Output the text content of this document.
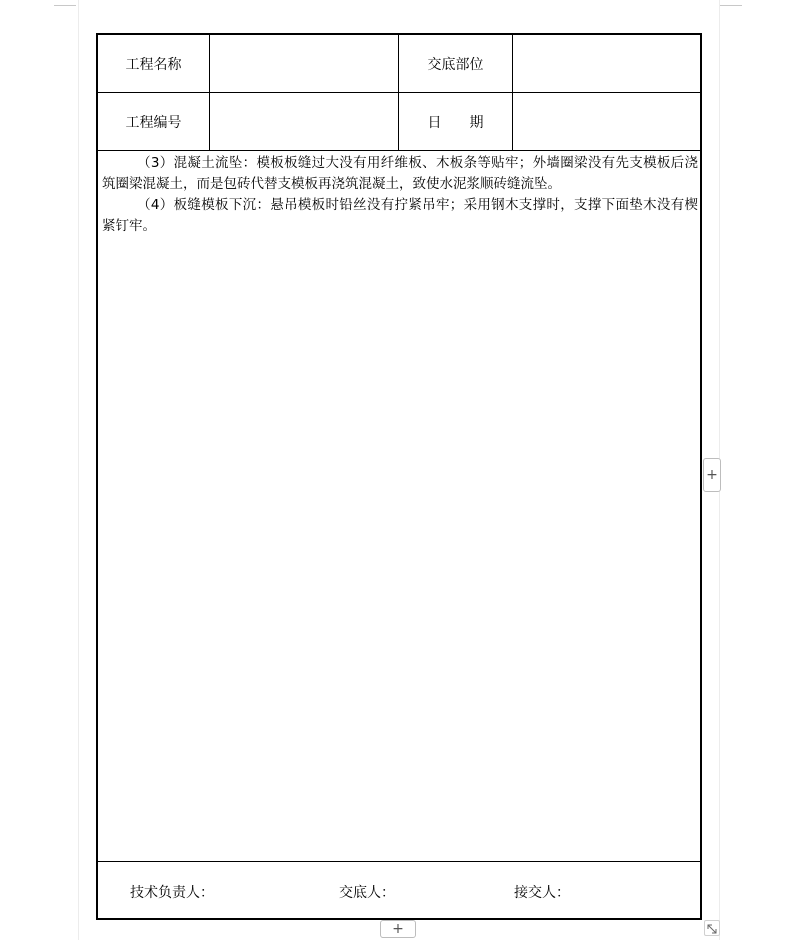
工程名称	交底部位
工程编号	日　　期

（3）混凝土流坠：模板板缝过大没有用纤维板、木板条等贴牢；外墙圈梁没有先支模板后浇筑圈梁混凝土，而是包砖代替支模板再浇筑混凝土，致使水泥浆顺砖缝流坠。

（4）板缝模板下沉：悬吊模板时铅丝没有拧紧吊牢；采用钢木支撑时，支撑下面垫木没有楔紧钉牢。

技术负责人：	交底人：	接交人：
+
+
